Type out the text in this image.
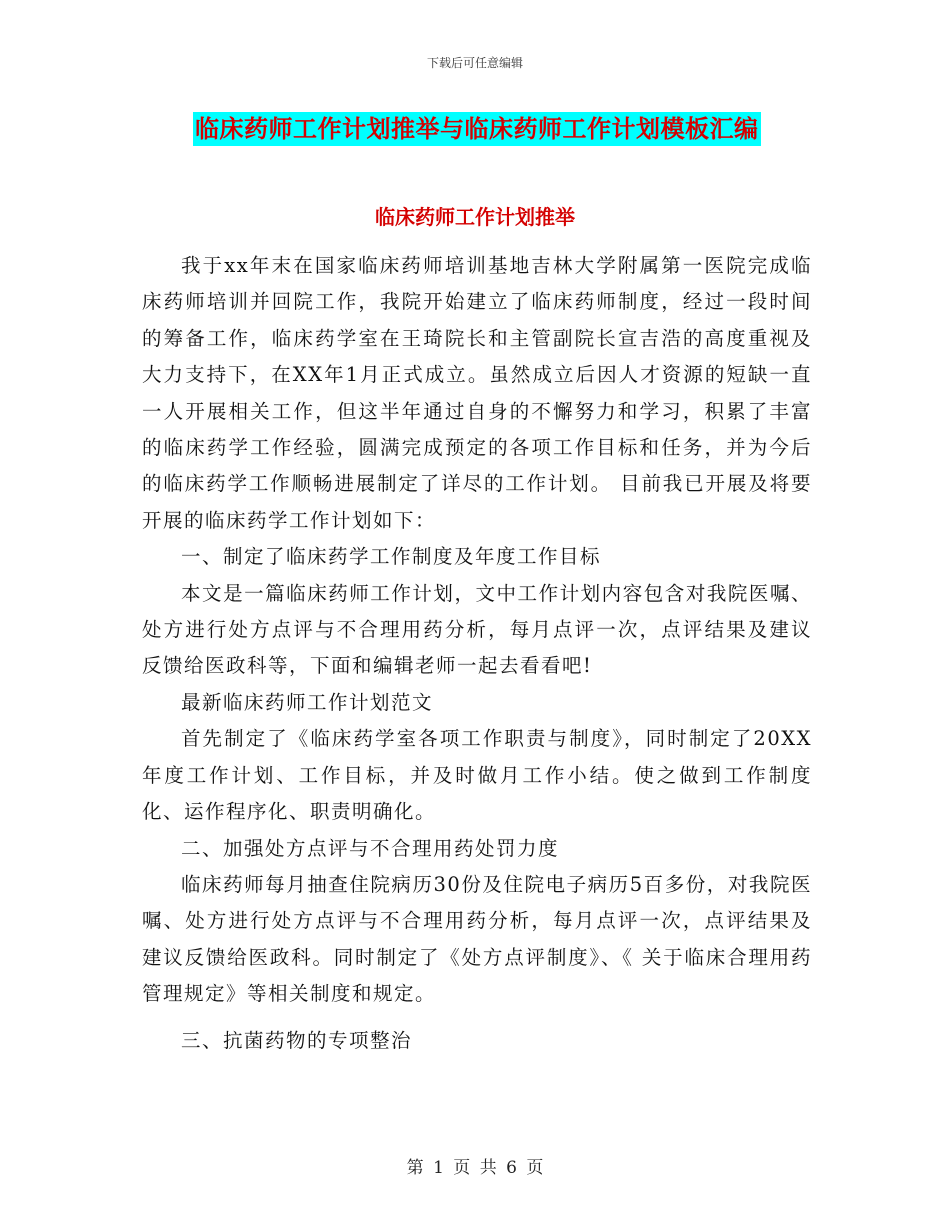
下载后可任意编辑
临床药师工作计划推举与临床药师工作计划模板汇编
临床药师工作计划推举

我于xx年末在国家临床药师培训基地吉林大学附属第一医院完成临床药师培训并回院工作，我院开始建立了临床药师制度，经过一段时间的筹备工作，临床药学室在王琦院长和主管副院长宣吉浩的高度重视及大力支持下，在XX年1月正式成立。虽然成立后因人才资源的短缺一直一人开展相关工作，但这半年通过自身的不懈努力和学习，积累了丰富的临床药学工作经验，圆满完成预定的各项工作目标和任务，并为今后的临床药学工作顺畅进展制定了详尽的工作计划。 目前我已开展及将要开展的临床药学工作计划如下：

一、制定了临床药学工作制度及年度工作目标

本文是一篇临床药师工作计划，文中工作计划内容包含对我院医嘱、处方进行处方点评与不合理用药分析，每月点评一次，点评结果及建议反馈给医政科等，下面和编辑老师一起去看看吧!

最新临床药师工作计划范文

首先制定了《临床药学室各项工作职责与制度》，同时制定了20XX年度工作计划、工作目标，并及时做月工作小结。使之做到工作制度化、运作程序化、职责明确化。

二、加强处方点评与不合理用药处罚力度

临床药师每月抽查住院病历30份及住院电子病历5百多份，对我院医嘱、处方进行处方点评与不合理用药分析，每月点评一次，点评结果及建议反馈给医政科。同时制定了《处方点评制度》、《 关于临床合理用药管理规定》等相关制度和规定。

三、抗菌药物的专项整治

第 1 页 共 6 页
